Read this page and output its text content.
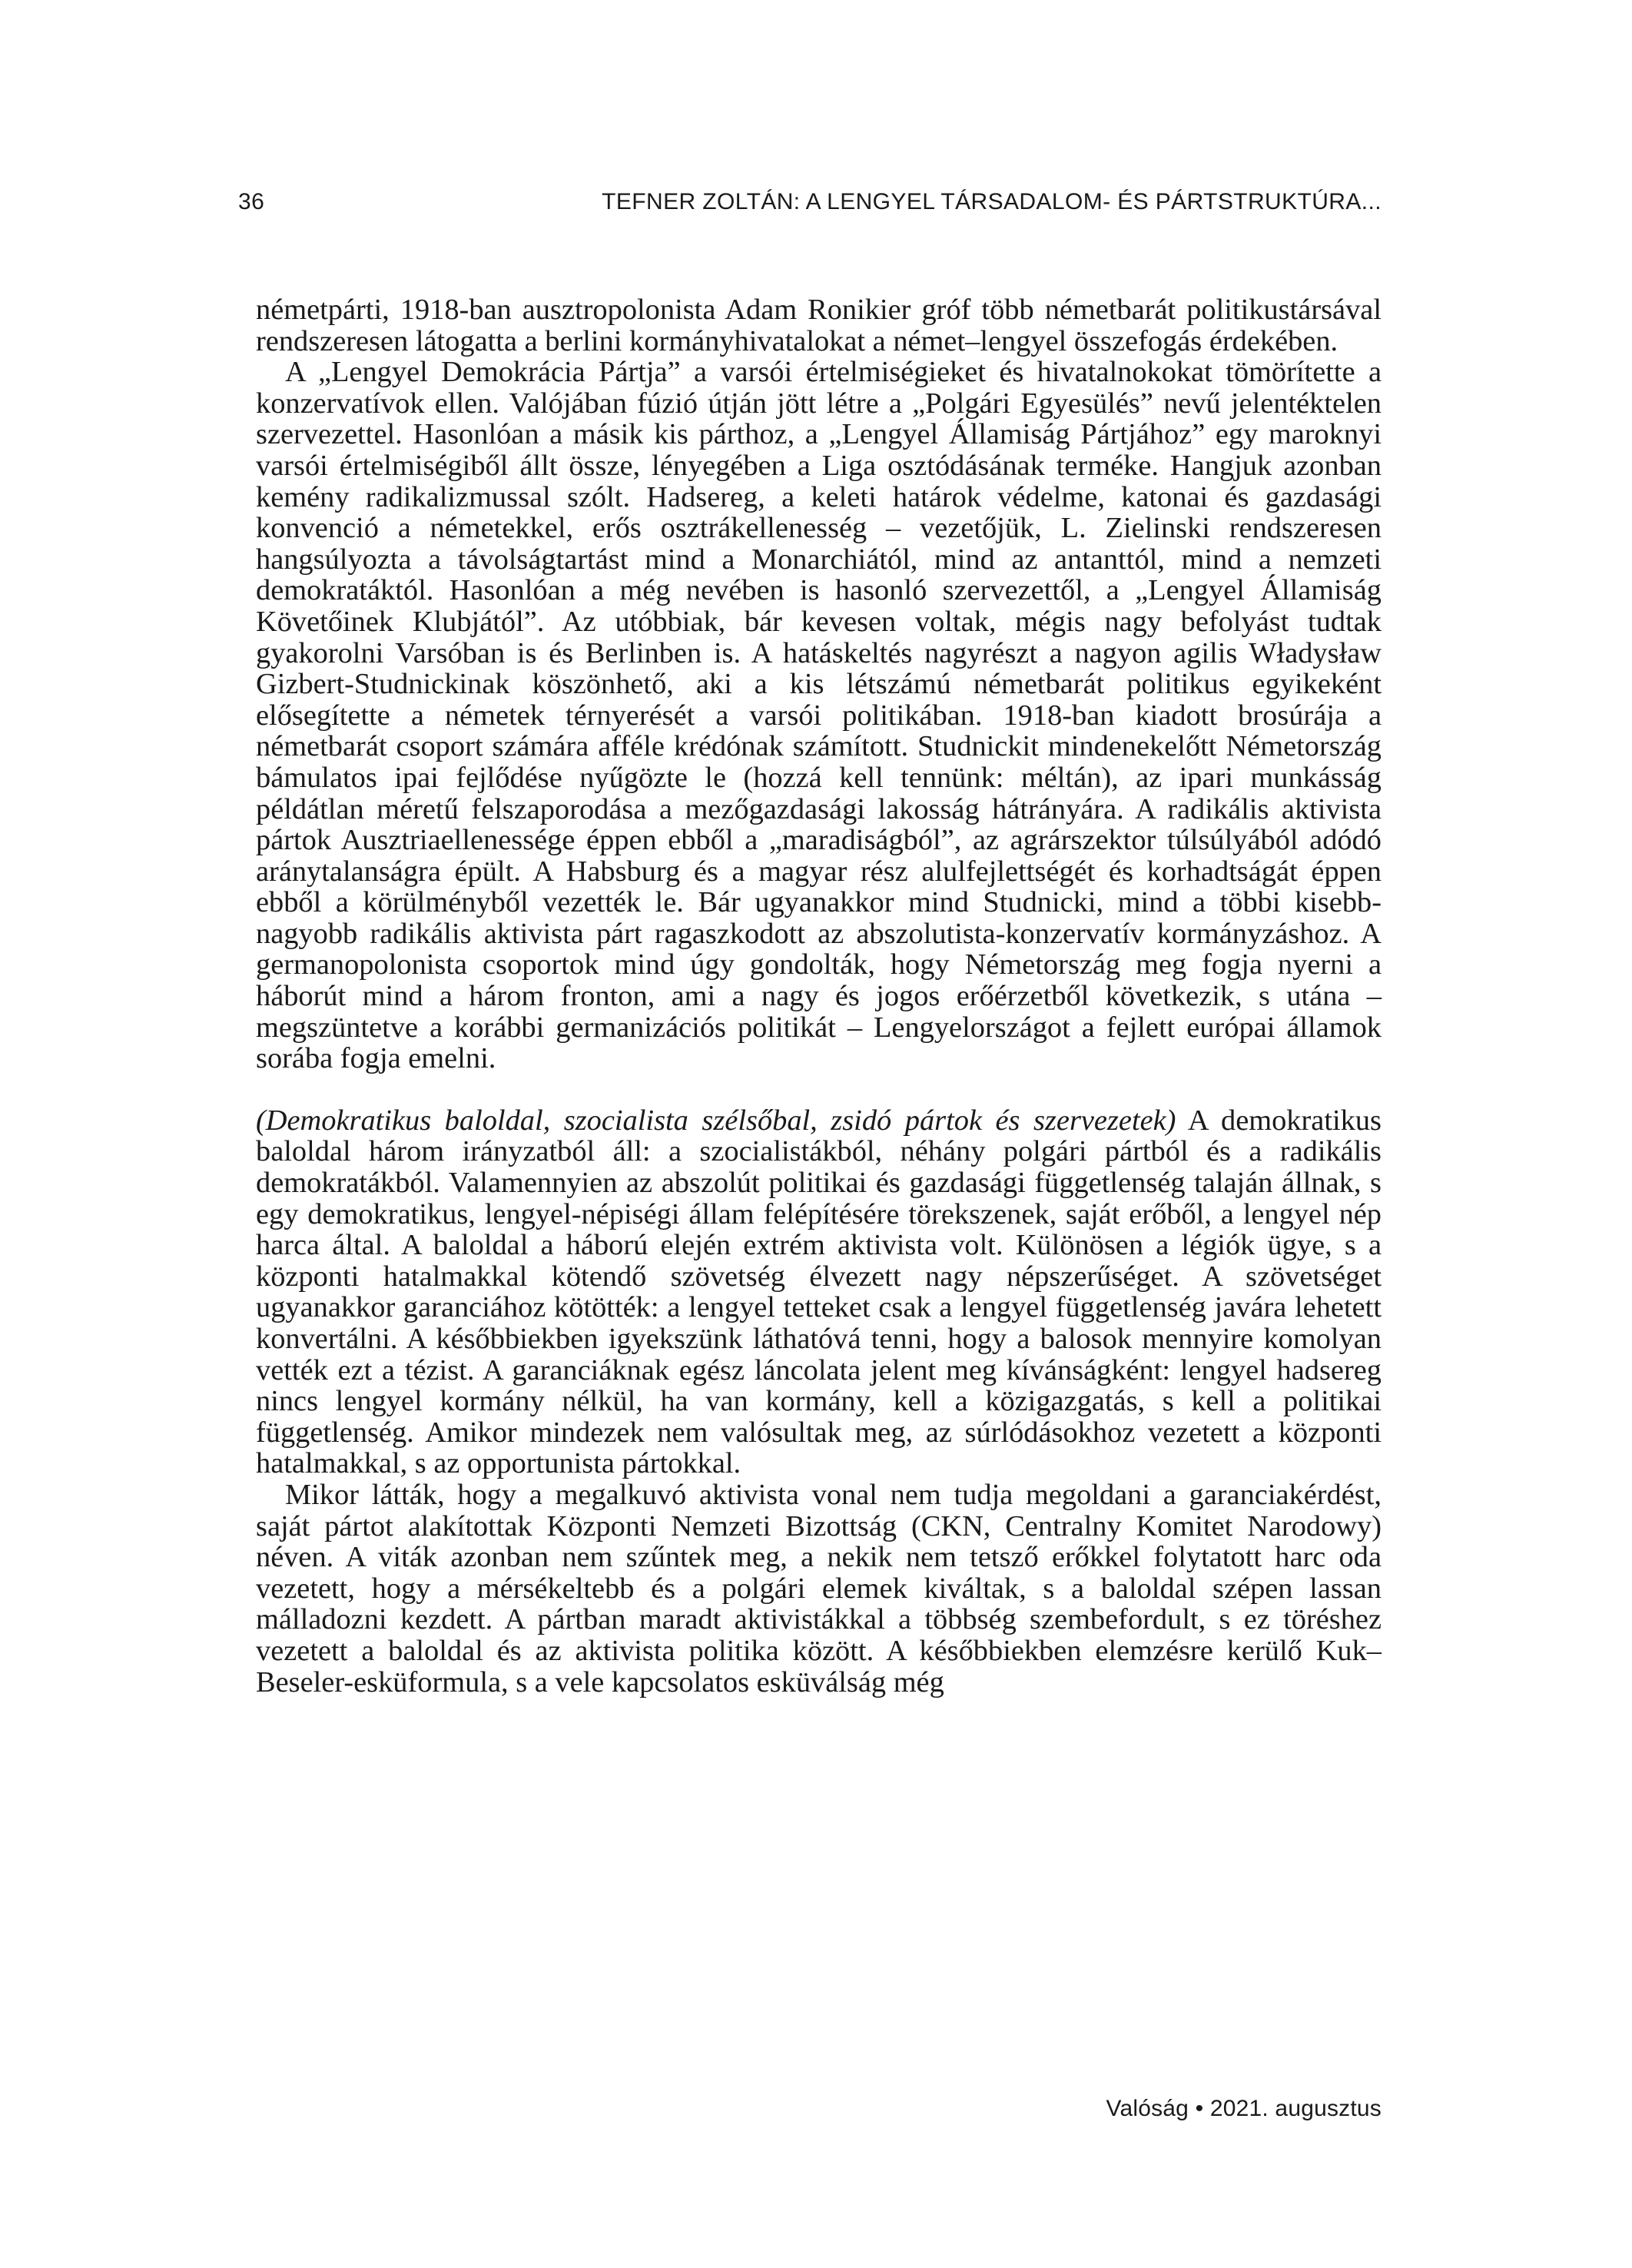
36	TEFNER ZOLTÁN: A LENGYEL TÁRSADALOM- ÉS PÁRTSTRUKTÚRA...

németpárti, 1918-ban ausztropolonista Adam Ronikier gróf több németbarát politikustársával rendszeresen látogatta a berlini kormányhivatalokat a német–lengyel összefogás érdekében.

A „Lengyel Demokrácia Pártja” a varsói értelmiségieket és hivatalnokokat tömörítette a konzervatívok ellen. Valójában fúzió útján jött létre a „Polgári Egyesülés” nevű jelentéktelen szervezettel. Hasonlóan a másik kis párthoz, a „Lengyel Államiság Pártjához” egy maroknyi varsói értelmiségiből állt össze, lényegében a Liga osztódásának terméke. Hangjuk azonban kemény radikalizmussal szólt. Hadsereg, a keleti határok védelme, katonai és gazdasági konvenció a németekkel, erős osztrákellenesség – vezetőjük, L. Zielinski rendszeresen hangsúlyozta a távolságtartást mind a Monarchiától, mind az antanttól, mind a nemzeti demokratáktól. Hasonlóan a még nevében is hasonló szervezettől, a „Lengyel Államiság Követőinek Klubjától”. Az utóbbiak, bár kevesen voltak, mégis nagy befolyást tudtak gyakorolni Varsóban is és Berlinben is. A hatáskeltés nagyrészt a nagyon agilis Władysław Gizbert-Studnickinak köszönhető, aki a kis létszámú németbarát politikus egyikeként elősegítette a németek térnyerését a varsói politikában. 1918-ban kiadott brosúrája a németbarát csoport számára afféle krédónak számított. Studnickit mindenekelőtt Németország bámulatos ipai fejlődése nyűgözte le (hozzá kell tennünk: méltán), az ipari munkásság példátlan méretű felszaporodása a mezőgazdasági lakosság hátrányára. A radikális aktivista pártok Ausztriaellenessége éppen ebből a „maradiságból”, az agrárszektor túlsúlyából adódó aránytalanságra épült. A Habsburg és a magyar rész alulfejlettségét és korhadtságát éppen ebből a körülményből vezették le. Bár ugyanakkor mind Studnicki, mind a többi kisebb-nagyobb radikális aktivista párt ragaszkodott az abszolutista-konzervatív kormányzáshoz. A germanopolonista csoportok mind úgy gondolták, hogy Németország meg fogja nyerni a háborút mind a három fronton, ami a nagy és jogos erőérzetből következik, s utána – megszüntetve a korábbi germanizációs politikát – Lengyelországot a fejlett európai államok sorába fogja emelni.

(Demokratikus baloldal, szocialista szélsőbal, zsidó pártok és szervezetek) A demokratikus baloldal három irányzatból áll: a szocialistákból, néhány polgári pártból és a radikális demokratákból. Valamennyien az abszolút politikai és gazdasági függetlenség talaján állnak, s egy demokratikus, lengyel-népiségi állam felépítésére törekszenek, saját erőből, a lengyel nép harca által. A baloldal a háború elején extrém aktivista volt. Különösen a légiók ügye, s a központi hatalmakkal kötendő szövetség élvezett nagy népszerűséget. A szövetséget ugyanakkor garanciához kötötték: a lengyel tetteket csak a lengyel függetlenség javára lehetett konvertálni. A későbbiekben igyekszünk láthatóvá tenni, hogy a balosok mennyire komolyan vették ezt a tézist. A garanciáknak egész láncolata jelent meg kívánságként: lengyel hadsereg nincs lengyel kormány nélkül, ha van kormány, kell a közigazgatás, s kell a politikai függetlenség. Amikor mindezek nem valósultak meg, az súrlódásokhoz vezetett a központi hatalmakkal, s az opportunista pártokkal.

Mikor látták, hogy a megalkuvó aktivista vonal nem tudja megoldani a garanciakérdést, saját pártot alakítottak Központi Nemzeti Bizottság (CKN, Centralny Komitet Narodowy) néven. A viták azonban nem szűntek meg, a nekik nem tetsző erőkkel folytatott harc oda vezetett, hogy a mérsékeltebb és a polgári elemek kiváltak, s a baloldal szépen lassan málladozni kezdett. A pártban maradt aktivistákkal a többség szembefordult, s ez töréshez vezetett a baloldal és az aktivista politika között. A későbbiekben elemzésre kerülő Kuk–Beseler-esküformula, s a vele kapcsolatos esküválság még

Valóság • 2021. augusztus
